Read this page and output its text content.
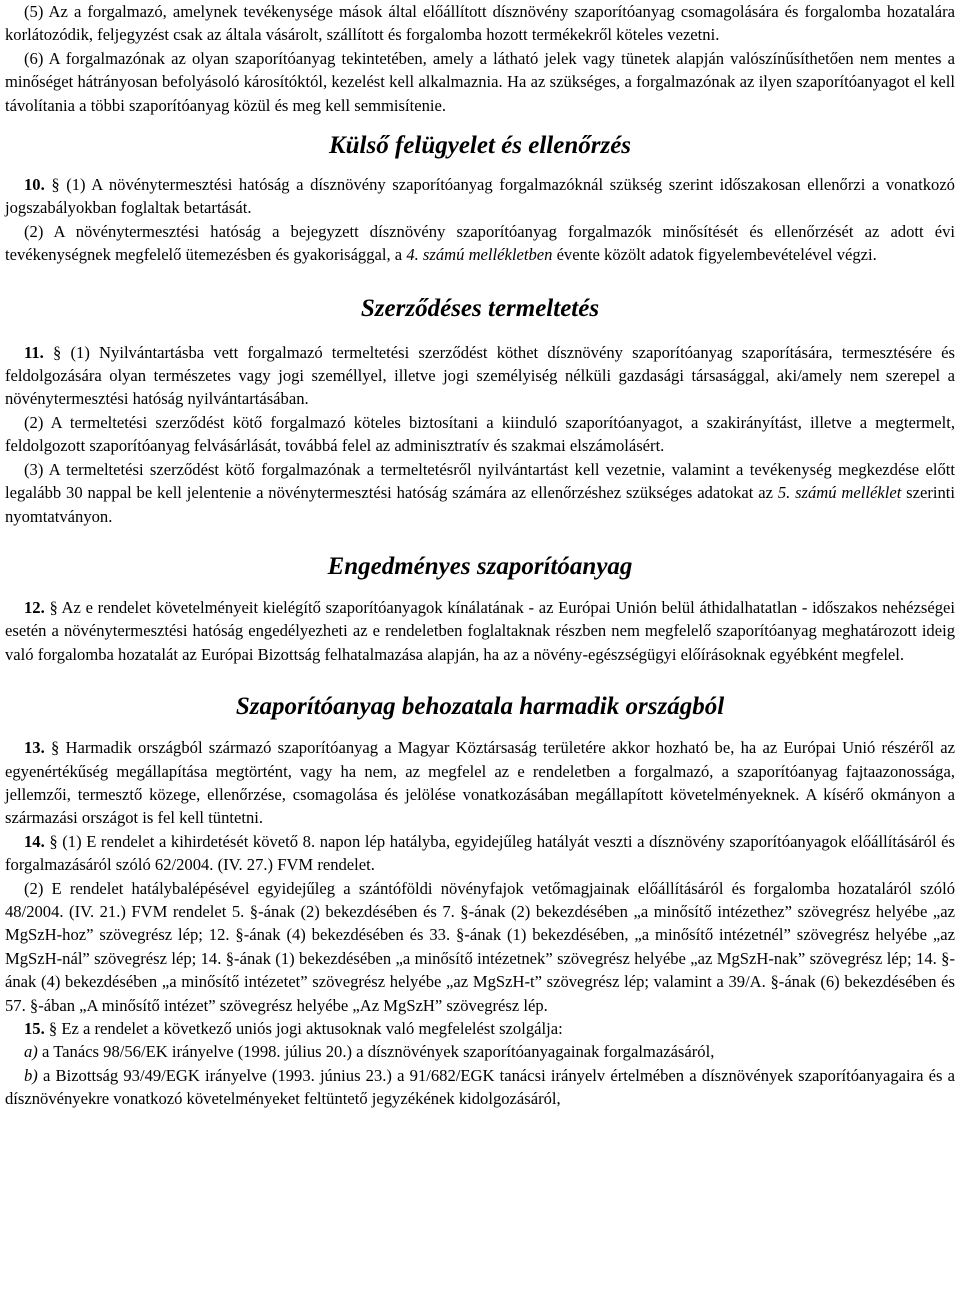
(5) Az a forgalmazó, amelynek tevékenysége mások által előállított dísznövény szaporítóanyag csomagolására és forgalomba hozatalára korlátozódik, feljegyzést csak az általa vásárolt, szállított és forgalomba hozott termékekről köteles vezetni.

(6) A forgalmazónak az olyan szaporítóanyag tekintetében, amely a látható jelek vagy tünetek alapján valószínűsíthetően nem mentes a minőséget hátrányosan befolyásoló károsítóktól, kezelést kell alkalmaznia. Ha az szükséges, a forgalmazónak az ilyen szaporítóanyagot el kell távolítania a többi szaporítóanyag közül és meg kell semmisítenie.

Külső felügyelet és ellenőrzés

10. § (1) A növénytermesztési hatóság a dísznövény szaporítóanyag forgalmazóknál szükség szerint időszakosan ellenőrzi a vonatkozó jogszabályokban foglaltak betartását.

(2) A növénytermesztési hatóság a bejegyzett dísznövény szaporítóanyag forgalmazók minősítését és ellenőrzését az adott évi tevékenységnek megfelelő ütemezésben és gyakorisággal, a 4. számú mellékletben évente közölt adatok figyelembevételével végzi.

Szerződéses termeltetés

11. § (1) Nyilvántartásba vett forgalmazó termeltetési szerződést köthet dísznövény szaporítóanyag szaporítására, termesztésére és feldolgozására olyan természetes vagy jogi személlyel, illetve jogi személyiség nélküli gazdasági társasággal, aki/amely nem szerepel a növénytermesztési hatóság nyilvántartásában.

(2) A termeltetési szerződést kötő forgalmazó köteles biztosítani a kiinduló szaporítóanyagot, a szakirányítást, illetve a megtermelt, feldolgozott szaporítóanyag felvásárlását, továbbá felel az adminisztratív és szakmai elszámolásért.

(3) A termeltetési szerződést kötő forgalmazónak a termeltetésről nyilvántartást kell vezetnie, valamint a tevékenység megkezdése előtt legalább 30 nappal be kell jelentenie a növénytermesztési hatóság számára az ellenőrzéshez szükséges adatokat az 5. számú melléklet szerinti nyomtatványon.

Engedményes szaporítóanyag

12. § Az e rendelet követelményeit kielégítő szaporítóanyagok kínálatának - az Európai Unión belül áthidalhatatlan - időszakos nehézségei esetén a növénytermesztési hatóság engedélyezheti az e rendeletben foglaltaknak részben nem megfelelő szaporítóanyag meghatározott ideig való forgalomba hozatalát az Európai Bizottság felhatalmazása alapján, ha az a növény-egészségügyi előírásoknak egyébként megfelel.

Szaporítóanyag behozatala harmadik országból

13. § Harmadik országból származó szaporítóanyag a Magyar Köztársaság területére akkor hozható be, ha az Európai Unió részéről az egyenértékűség megállapítása megtörtént, vagy ha nem, az megfelel az e rendeletben a forgalmazó, a szaporítóanyag fajtaazonossága, jellemzői, termesztő közege, ellenőrzése, csomagolása és jelölése vonatkozásában megállapított követelményeknek. A kísérő okmányon a származási országot is fel kell tüntetni.

14. § (1) E rendelet a kihirdetését követő 8. napon lép hatályba, egyidejűleg hatályát veszti a dísznövény szaporítóanyagok előállításáról és forgalmazásáról szóló 62/2004. (IV. 27.) FVM rendelet.

(2) E rendelet hatálybalépésével egyidejűleg a szántóföldi növényfajok vetőmagjainak előállításáról és forgalomba hozataláról szóló 48/2004. (IV. 21.) FVM rendelet 5. §-ának (2) bekezdésében és 7. §-ának (2) bekezdésében „a minősítő intézethez” szövegrész helyébe „az MgSzH-hoz” szövegrész lép; 12. §-ának (4) bekezdésében és 33. §-ának (1) bekezdésében, „a minősítő intézetnél” szövegrész helyébe „az MgSzH-nál” szövegrész lép; 14. §-ának (1) bekezdésében „a minősítő intézetnek” szövegrész helyébe „az MgSzH-nak” szövegrész lép; 14. §-ának (4) bekezdésében „a minősítő intézetet” szövegrész helyébe „az MgSzH-t” szövegrész lép; valamint a 39/A. §-ának (6) bekezdésében és 57. §-ában „A minősítő intézet” szövegrész helyébe „Az MgSzH” szövegrész lép.

15. § Ez a rendelet a következő uniós jogi aktusoknak való megfelelést szolgálja:

a) a Tanács 98/56/EK irányelve (1998. július 20.) a dísznövények szaporítóanyagainak forgalmazásáról,

b) a Bizottság 93/49/EGK irányelve (1993. június 23.) a 91/682/EGK tanácsi irányelv értelmében a dísznövények szaporítóanyagaira és a dísznövényekre vonatkozó követelményeket feltüntető jegyzékének kidolgozásáról,
